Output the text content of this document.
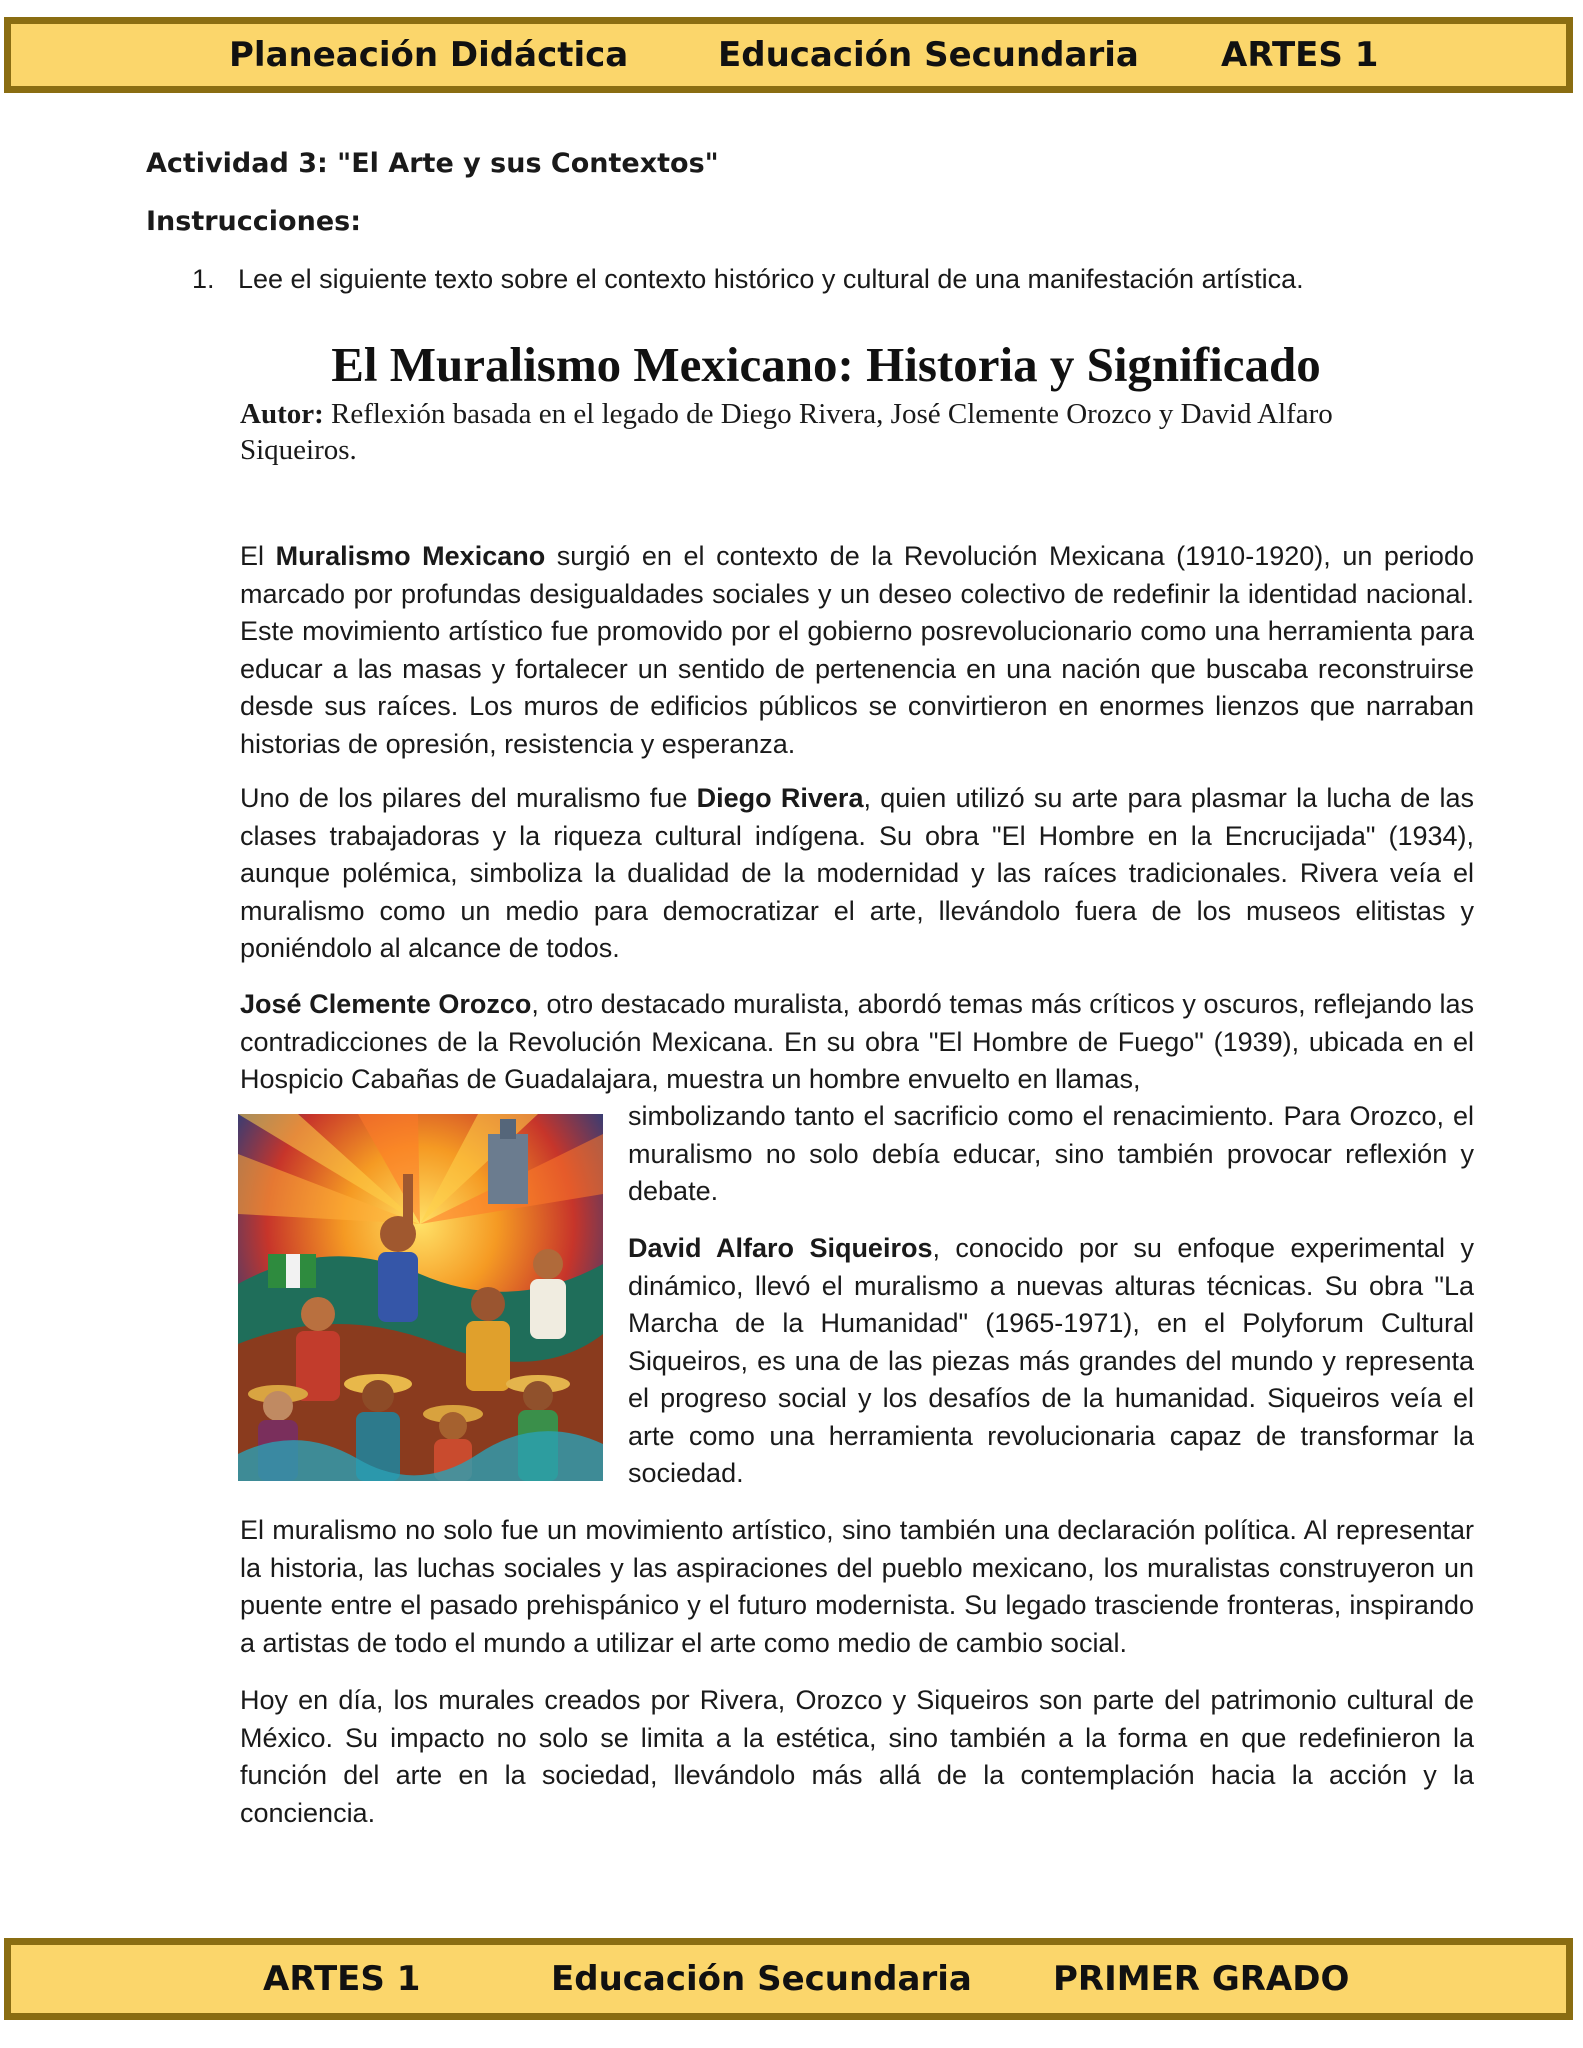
Planeación Didáctica	Educación Secundaria ARTES 1
Actividad 3: "El Arte y sus Contextos"
Instrucciones:
1. Lee el siguiente texto sobre el contexto histórico y cultural de una manifestación artística.
El Muralismo Mexicano: Historia y Significado
Autor: Reflexión basada en el legado de Diego Rivera, José Clemente Orozco y David Alfaro Siqueiros.

El Muralismo Mexicano surgió en el contexto de la Revolución Mexicana (1910-1920), un periodo marcado por profundas desigualdades sociales y un deseo colectivo de redefinir la identidad nacional. Este movimiento artístico fue promovido por el gobierno posrevolucionario como una herramienta para educar a las masas y fortalecer un sentido de pertenencia en una nación que buscaba reconstruirse desde sus raíces. Los muros de edificios públicos se convirtieron en enormes lienzos que narraban historias de opresión, resistencia y esperanza.

Uno de los pilares del muralismo fue Diego Rivera, quien utilizó su arte para plasmar la lucha de las clases trabajadoras y la riqueza cultural indígena. Su obra "El Hombre en la Encrucijada" (1934), aunque polémica, simboliza la dualidad de la modernidad y las raíces tradicionales. Rivera veía el muralismo como un medio para democratizar el arte, llevándolo fuera de los museos elitistas y poniéndolo al alcance de todos.

José Clemente Orozco, otro destacado muralista, abordó temas más críticos y oscuros, reflejando las contradicciones de la Revolución Mexicana. En su obra "El Hombre de Fuego" (1939), ubicada en el Hospicio Cabañas de Guadalajara, muestra un hombre envuelto en llamas,

simbolizando tanto el sacrificio como el renacimiento. Para Orozco, el muralismo no solo debía educar, sino también provocar reflexión y debate.

David Alfaro Siqueiros, conocido por su enfoque experimental y dinámico, llevó el muralismo a nuevas alturas técnicas. Su obra "La Marcha de la Humanidad" (1965-1971), en el Polyforum Cultural Siqueiros, es una de las piezas más grandes del mundo y representa el progreso social y los desafíos de la humanidad. Siqueiros veía el arte como una herramienta revolucionaria capaz de transformar la sociedad.

El muralismo no solo fue un movimiento artístico, sino también una declaración política. Al representar la historia, las luchas sociales y las aspiraciones del pueblo mexicano, los muralistas construyeron un puente entre el pasado prehispánico y el futuro modernista. Su legado trasciende fronteras, inspirando a artistas de todo el mundo a utilizar el arte como medio de cambio social.

Hoy en día, los murales creados por Rivera, Orozco y Siqueiros son parte del patrimonio cultural de México. Su impacto no solo se limita a la estética, sino también a la forma en que redefinieron la función del arte en la sociedad, llevándolo más allá de la contemplación hacia la acción y la conciencia.

ARTES 1	Educación Secundaria PRIMER GRADO
